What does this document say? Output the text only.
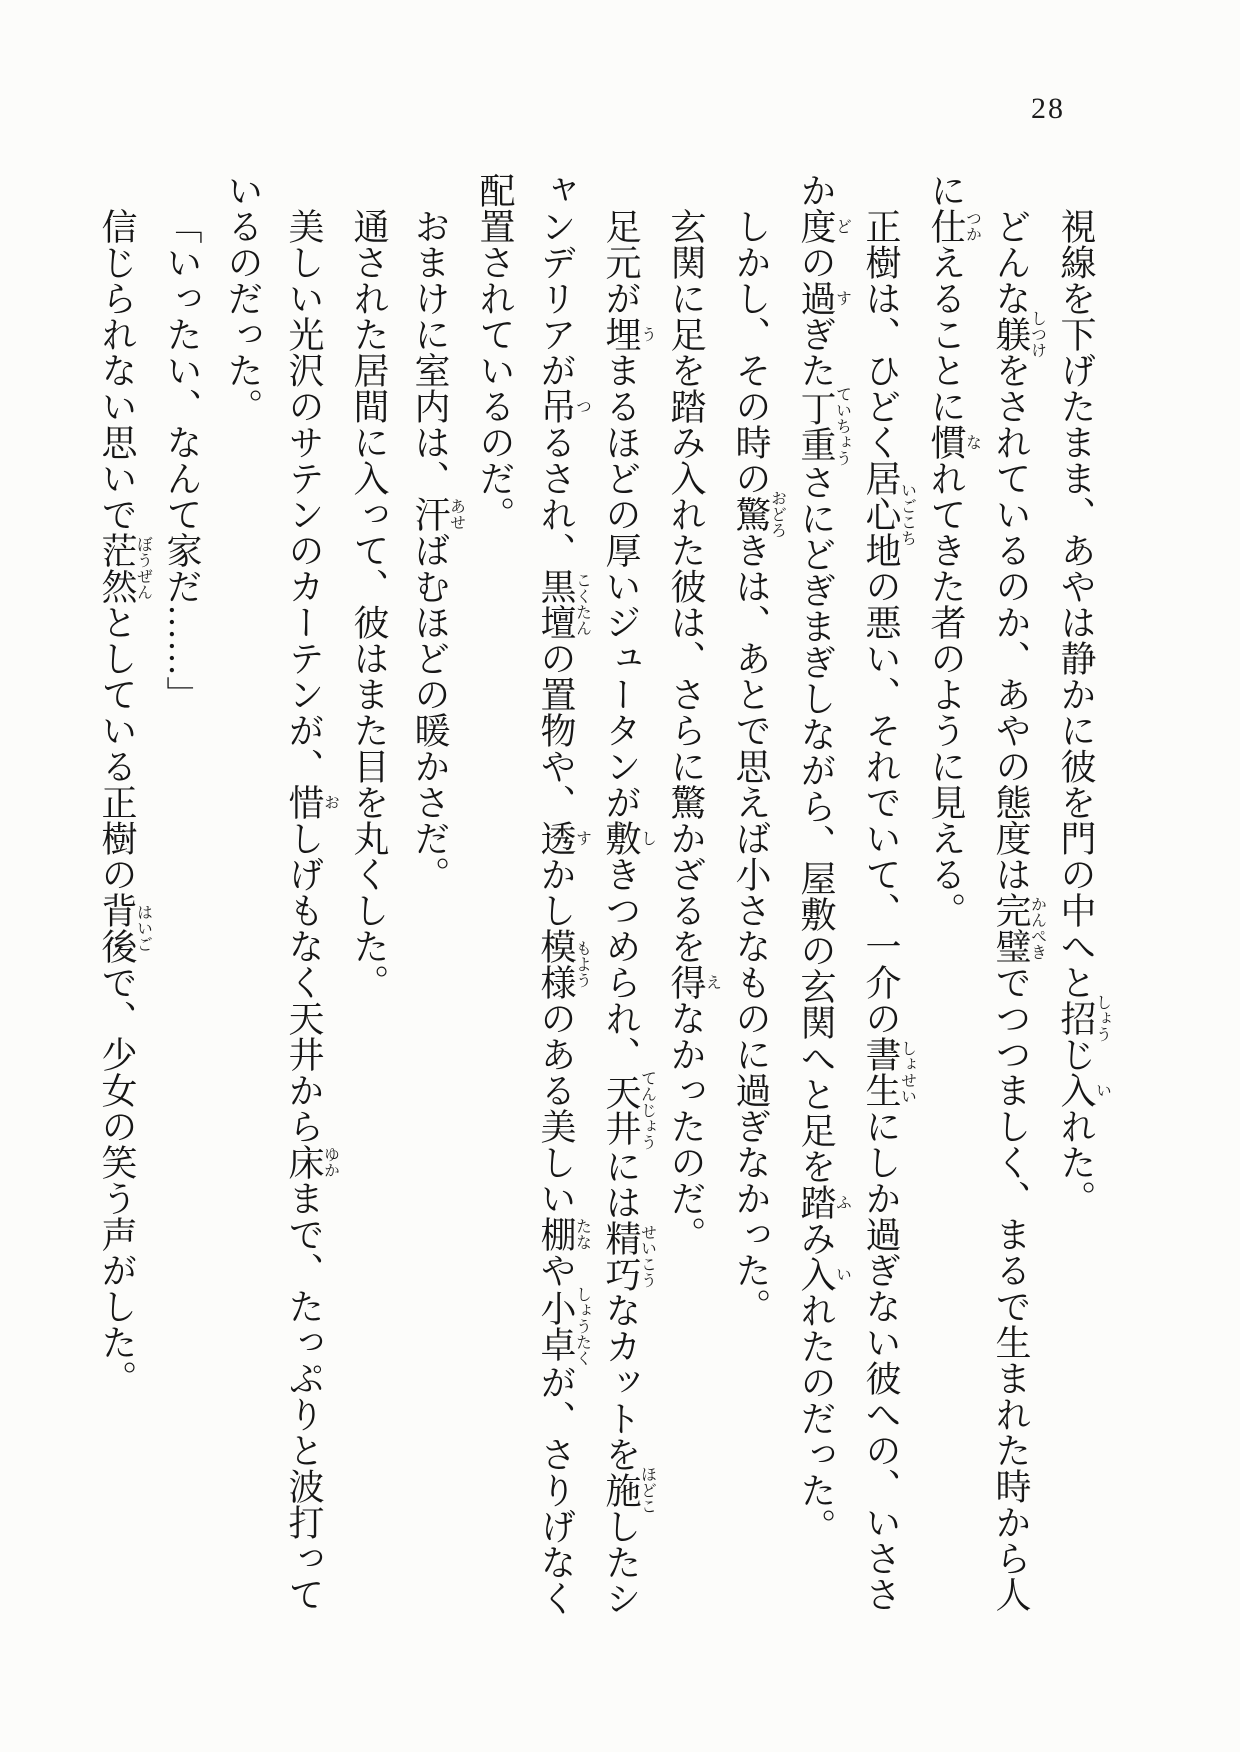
28
視線を下げたまま、あやは静かに彼を門の中へと招しょうじ入いれた。
どんな躾しつけをされているのか、あやの態度は完璧かんぺきでつつましく、まるで生まれた時から人
に仕つかえることに慣なれてきた者のように見える。
正樹は、ひどく居心地いごこちの悪い、それでいて、一介の書生しょせいにしか過ぎない彼への、いささ
か度どの過すぎた丁重ていちょうさにどぎまぎしながら、屋敷の玄関へと足を踏ふみ入いれたのだった。
しかし、その時の驚おどろきは、あとで思えば小さなものに過ぎなかった。
玄関に足を踏み入れた彼は、さらに驚かざるを得えなかったのだ。
足元が埋うまるほどの厚いジュータンが敷しきつめられ、天井てんじょうには精巧せいこうなカットを施ほどこしたシ
ャンデリアが吊つるされ、黒壇こくたんの置物や、透すかし模様もようのある美しい棚たなや小卓しょうたくが、さりげなく
配置されているのだ。
おまけに室内は、汗あせばむほどの暖かさだ。
通された居間に入って、彼はまた目を丸くした。
美しい光沢のサテンのカーテンが、惜おしげもなく天井から床ゆかまで、たっぷりと波打って
いるのだった。
「いったい、なんて家だ……」
信じられない思いで茫然ぼうぜんとしている正樹の背後はいごで、少女の笑う声がした。
